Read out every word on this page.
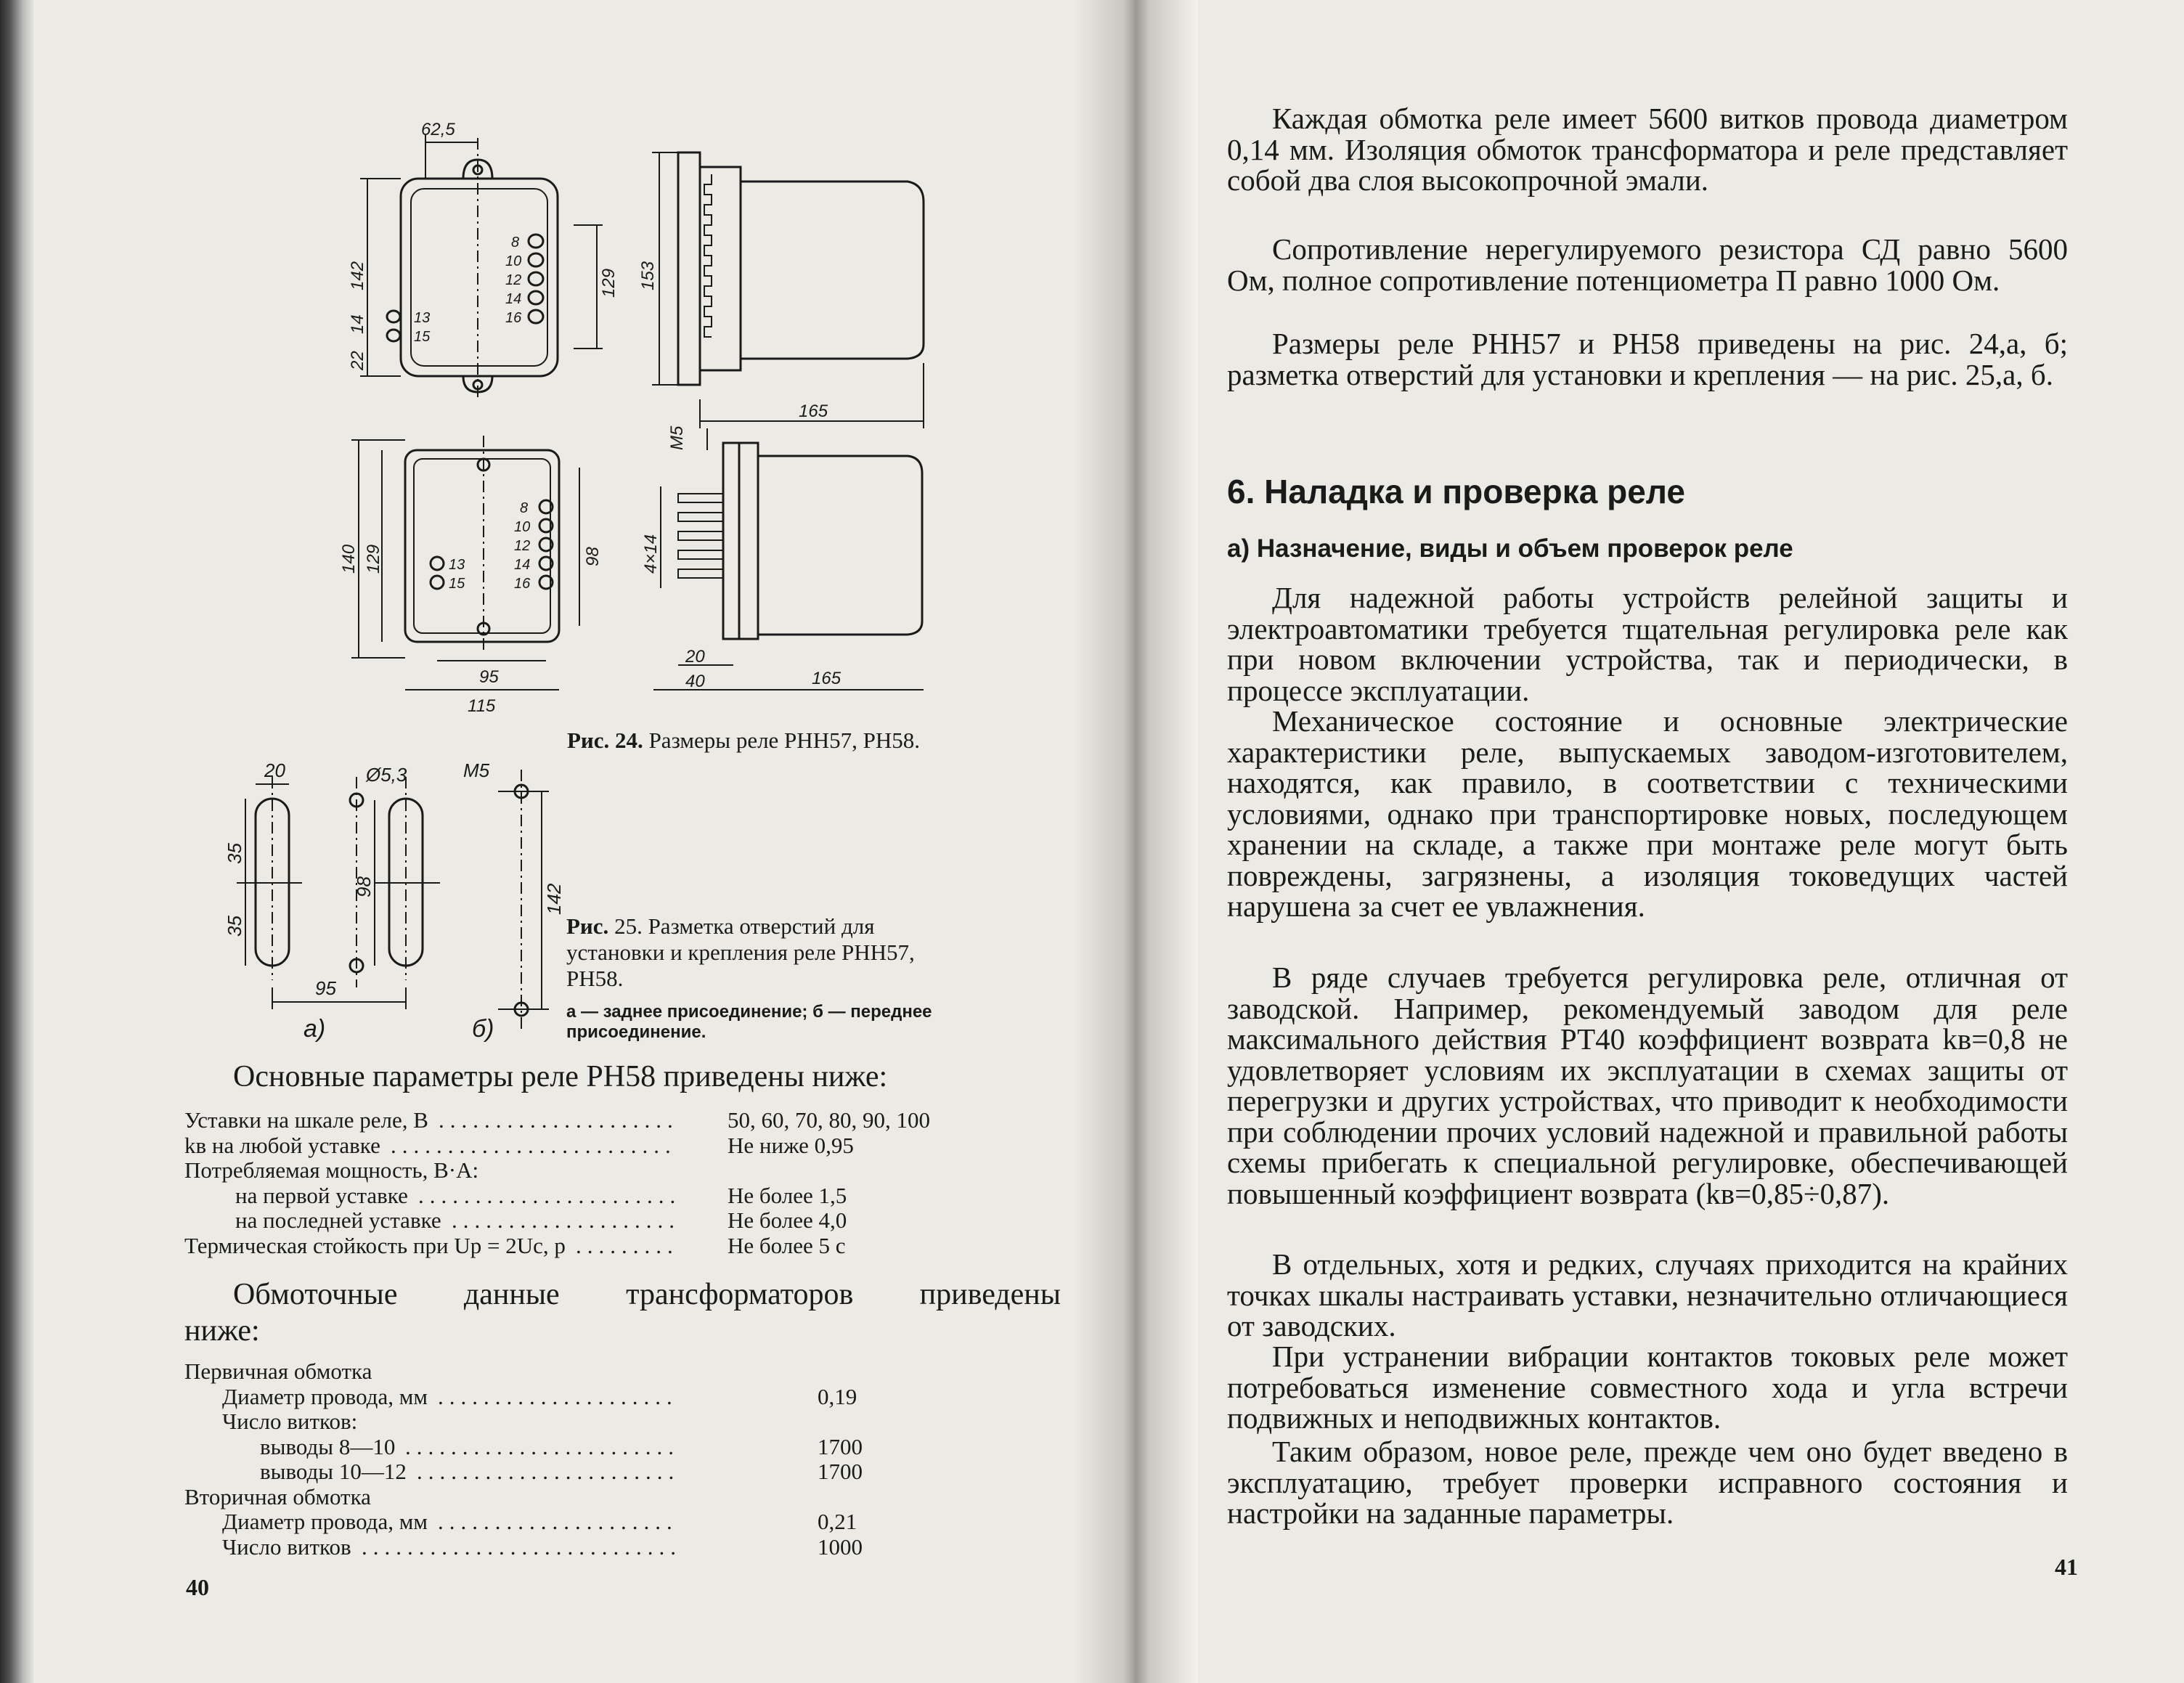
62,5
142	129
14
22
153
165
140 129	98
95
115
М5
4×14
20
40	165
8
10
12
14
16
13
15
8
10
12
14
16
13
15
Рис. 24. Размеры реле РНН57, РН58.
20	Ø5,3	М5
35
35
98	142
95
а)	б)
Рис. 25. Разметка отверстий для
установки и крепления реле РНН57,
РН58.
а — заднее присоединение; б — переднее
присоединение.
Основные параметры реле РН58 приведены ниже:
Уставки на шкале реле, В ..................... 50, 60, 70, 80, 90, 100
kв на любой уставке ......................... Не ниже 0,95
Потребляемая мощность, В·А:
на первой уставке ....................... Не более 1,5
на последней уставке .................... Не более 4,0
Термическая стойкость при Uр = 2Uс, р ......... Не более 5 с
Обмоточные данные трансформаторов приведены
ниже:
Первичная обмотка
Диаметр провода, мм .....................	0,19
Число витков:
выводы 8—10 ........................	1700
выводы 10—12 .......................	1700
Вторичная обмотка
Диаметр провода, мм .....................	0,21
Число витков ............................	1000
40
Каждая обмотка реле имеет 5600 витков провода диаметром 0,14 мм. Изоляция обмоток трансформатора и реле представляет собой два слоя высокопрочной эмали.
Сопротивление нерегулируемого резистора СД равно 5600 Ом, полное сопротивление потенциометра П равно 1000 Ом.
Размеры реле РНН57 и РН58 приведены на рис. 24,а, б; разметка отверстий для установки и крепления — на рис. 25,а, б.
6. Наладка и проверка реле
а) Назначение, виды и объем проверок реле
Для надежной работы устройств релейной защиты и электроавтоматики требуется тщательная регулировка реле как при новом включении устройства, так и периодически, в процессе эксплуатации.
Механическое состояние и основные электрические характеристики реле, выпускаемых заводом-изготовителем, находятся, как правило, в соответствии с техническими условиями, однако при транспортировке новых, последующем хранении на складе, а также при монтаже реле могут быть повреждены, загрязнены, а изоляция токоведущих частей нарушена за счет ее увлажнения.
В ряде случаев требуется регулировка реле, отличная от заводской. Например, рекомендуемый заводом для реле максимального действия РТ40 коэффициент возврата kв=0,8 не удовлетворяет условиям их эксплуатации в схемах защиты от перегрузки и других устройствах, что приводит к необходимости при соблюдении прочих условий надежной и правильной работы схемы прибегать к специальной регулировке, обеспечивающей повышенный коэффициент возврата (kв=0,85÷0,87).
В отдельных, хотя и редких, случаях приходится на крайних точках шкалы настраивать уставки, незначительно отличающиеся от заводских.
При устранении вибрации контактов токовых реле может потребоваться изменение совместного хода и угла встречи подвижных и неподвижных контактов.
Таким образом, новое реле, прежде чем оно будет введено в эксплуатацию, требует проверки исправного состояния и настройки на заданные параметры.
41
